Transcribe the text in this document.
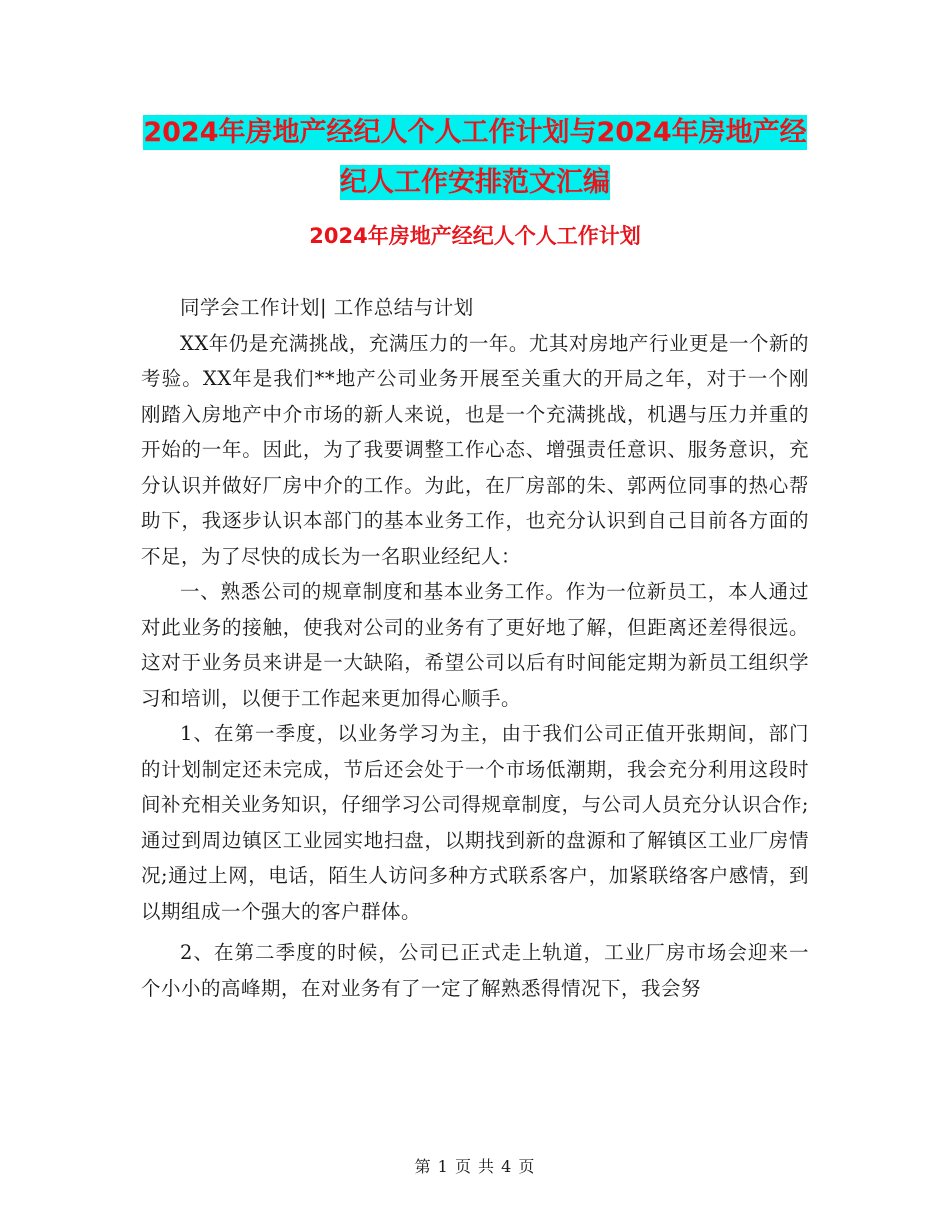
2024年房地产经纪人个人工作计划与2024年房地产经
纪人工作安排范文汇编
2024年房地产经纪人个人工作计划

同学会工作计划| 工作总结与计划

XX年仍是充满挑战，充满压力的一年。尤其对房地产行业更是一个新的考验。XX年是我们**地产公司业务开展至关重大的开局之年，对于一个刚刚踏入房地产中介市场的新人来说，也是一个充满挑战，机遇与压力并重的开始的一年。因此，为了我要调整工作心态、增强责任意识、服务意识，充分认识并做好厂房中介的工作。为此，在厂房部的朱、郭两位同事的热心帮助下，我逐步认识本部门的基本业务工作，也充分认识到自己目前各方面的不足，为了尽快的成长为一名职业经纪人：

一、熟悉公司的规章制度和基本业务工作。作为一位新员工，本人通过对此业务的接触，使我对公司的业务有了更好地了解，但距离还差得很远。这对于业务员来讲是一大缺陷，希望公司以后有时间能定期为新员工组织学习和培训，以便于工作起来更加得心顺手。

1、在第一季度，以业务学习为主，由于我们公司正值开张期间，部门的计划制定还未完成，节后还会处于一个市场低潮期，我会充分利用这段时间补充相关业务知识，仔细学习公司得规章制度，与公司人员充分认识合作;通过到周边镇区工业园实地扫盘，以期找到新的盘源和了解镇区工业厂房情况;通过上网，电话，陌生人访问多种方式联系客户，加紧联络客户感情，到以期组成一个强大的客户群体。

2、在第二季度的时候，公司已正式走上轨道，工业厂房市场会迎来一个小小的高峰期，在对业务有了一定了解熟悉得情况下，我会努

第 1 页 共 4 页
